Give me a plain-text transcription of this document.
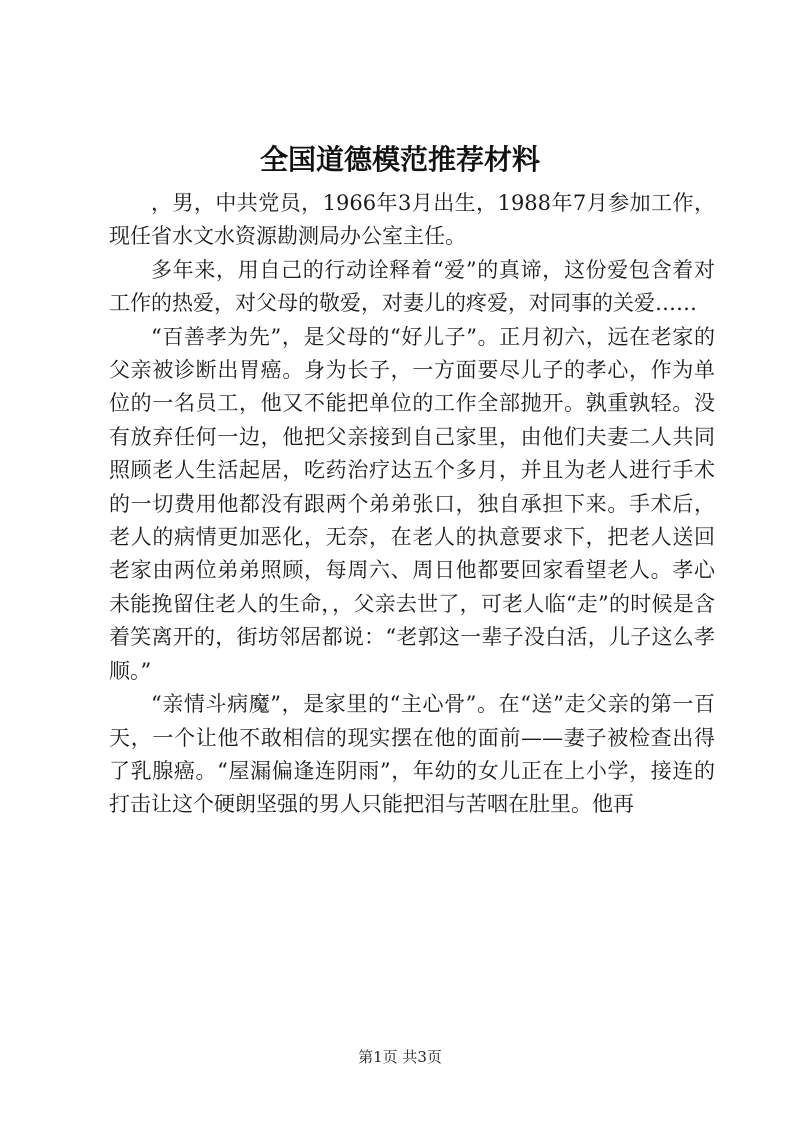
全国道德模范推荐材料

，男，中共党员，1966年3月出生，1988年7月参加工作，现任省水文水资源勘测局办公室主任。

多年来，用自己的行动诠释着“爱”的真谛，这份爱包含着对工作的热爱，对父母的敬爱，对妻儿的疼爱，对同事的关爱……

“百善孝为先”，是父母的“好儿子”。正月初六，远在老家的父亲被诊断出胃癌。身为长子，一方面要尽儿子的孝心，作为单位的一名员工，他又不能把单位的工作全部抛开。孰重孰轻。没有放弃任何一边，他把父亲接到自己家里，由他们夫妻二人共同照顾老人生活起居，吃药治疗达五个多月，并且为老人进行手术的一切费用他都没有跟两个弟弟张口，独自承担下来。手术后，老人的病情更加恶化，无奈，在老人的执意要求下，把老人送回老家由两位弟弟照顾，每周六、周日他都要回家看望老人。孝心未能挽留住老人的生命，，父亲去世了，可老人临“走”的时候是含着笑离开的，街坊邻居都说：“老郭这一辈子没白活，儿子这么孝顺。”

“亲情斗病魔”，是家里的“主心骨”。在“送”走父亲的第一百天，一个让他不敢相信的现实摆在他的面前——妻子被检查出得了乳腺癌。“屋漏偏逢连阴雨”，年幼的女儿正在上小学，接连的打击让这个硬朗坚强的男人只能把泪与苦咽在肚里。他再

第1页 共3页
